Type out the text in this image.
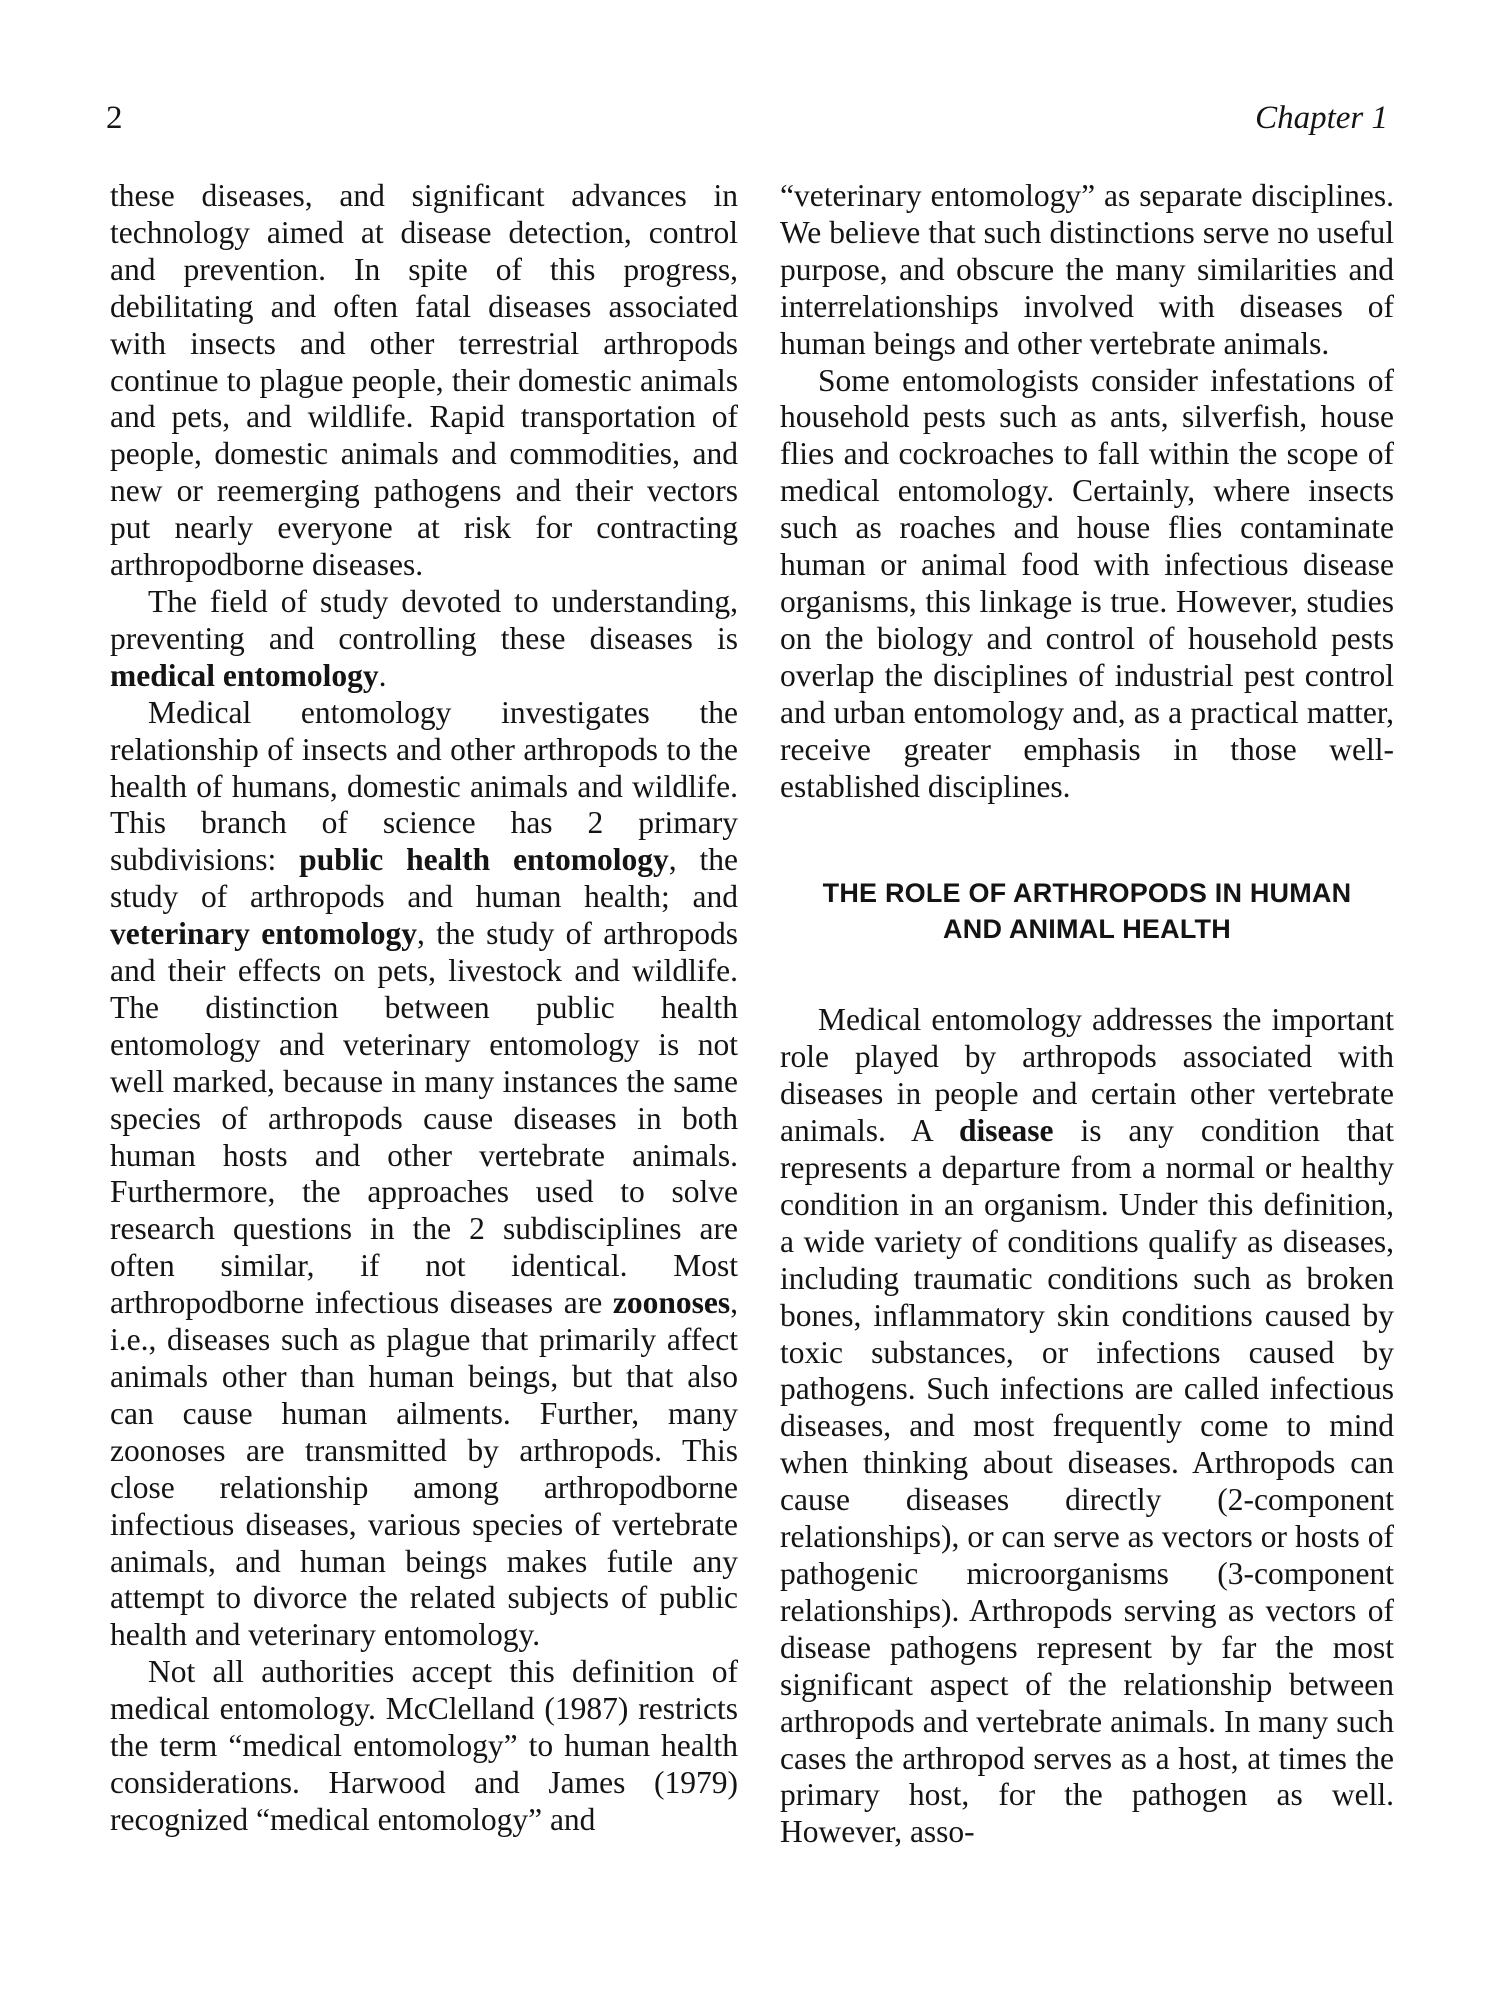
2	Chapter 1

these diseases, and significant advances in technology aimed at disease detection, control and prevention. In spite of this progress, debilitating and often fatal diseases associated with insects and other terrestrial arthropods continue to plague people, their domestic animals and pets, and wildlife. Rapid transportation of people, domestic animals and commodities, and new or reemerging pathogens and their vectors put nearly everyone at risk for contracting arthropodborne diseases.

The field of study devoted to understanding, preventing and controlling these diseases is medical entomology.

Medical entomology investigates the relationship of insects and other arthropods to the health of humans, domestic animals and wildlife. This branch of science has 2 primary subdivisions: public health entomology, the study of arthropods and human health; and veterinary entomology, the study of arthropods and their effects on pets, livestock and wildlife. The distinction between public health entomology and veterinary entomology is not well marked, because in many instances the same species of arthropods cause diseases in both human hosts and other vertebrate animals. Furthermore, the approaches used to solve research questions in the 2 subdisciplines are often similar, if not identical. Most arthropodborne infectious diseases are zoonoses, i.e., diseases such as plague that primarily affect animals other than human beings, but that also can cause human ailments. Further, many zoonoses are transmitted by arthropods. This close relationship among arthropodborne infectious diseases, various species of vertebrate animals, and human beings makes futile any attempt to divorce the related subjects of public health and veterinary entomology.

Not all authorities accept this definition of medical entomology. McClelland (1987) restricts the term “medical entomology” to human health considerations. Harwood and James (1979) recognized “medical entomology” and

“veterinary entomology” as separate disciplines. We believe that such distinctions serve no useful purpose, and obscure the many similarities and interrelationships involved with diseases of human beings and other vertebrate animals.

Some entomologists consider infestations of household pests such as ants, silverfish, house flies and cockroaches to fall within the scope of medical entomology. Certainly, where insects such as roaches and house flies contaminate human or animal food with infectious disease organisms, this linkage is true. However, studies on the biology and control of household pests overlap the disciplines of industrial pest control and urban entomology and, as a practical matter, receive greater emphasis in those well-established disciplines.

THE ROLE OF ARTHROPODS IN HUMAN
AND ANIMAL HEALTH

Medical entomology addresses the important role played by arthropods associated with diseases in people and certain other vertebrate animals. A disease is any condition that represents a departure from a normal or healthy condition in an organism. Under this definition, a wide variety of conditions qualify as diseases, including traumatic conditions such as broken bones, inflammatory skin conditions caused by toxic substances, or infections caused by pathogens. Such infections are called infectious diseases, and most frequently come to mind when thinking about diseases. Arthropods can cause diseases directly (2-component relationships), or can serve as vectors or hosts of pathogenic microorganisms (3-component relationships). Arthropods serving as vectors of disease pathogens represent by far the most significant aspect of the relationship between arthropods and vertebrate animals. In many such cases the arthropod serves as a host, at times the primary host, for the pathogen as well. However, asso-
